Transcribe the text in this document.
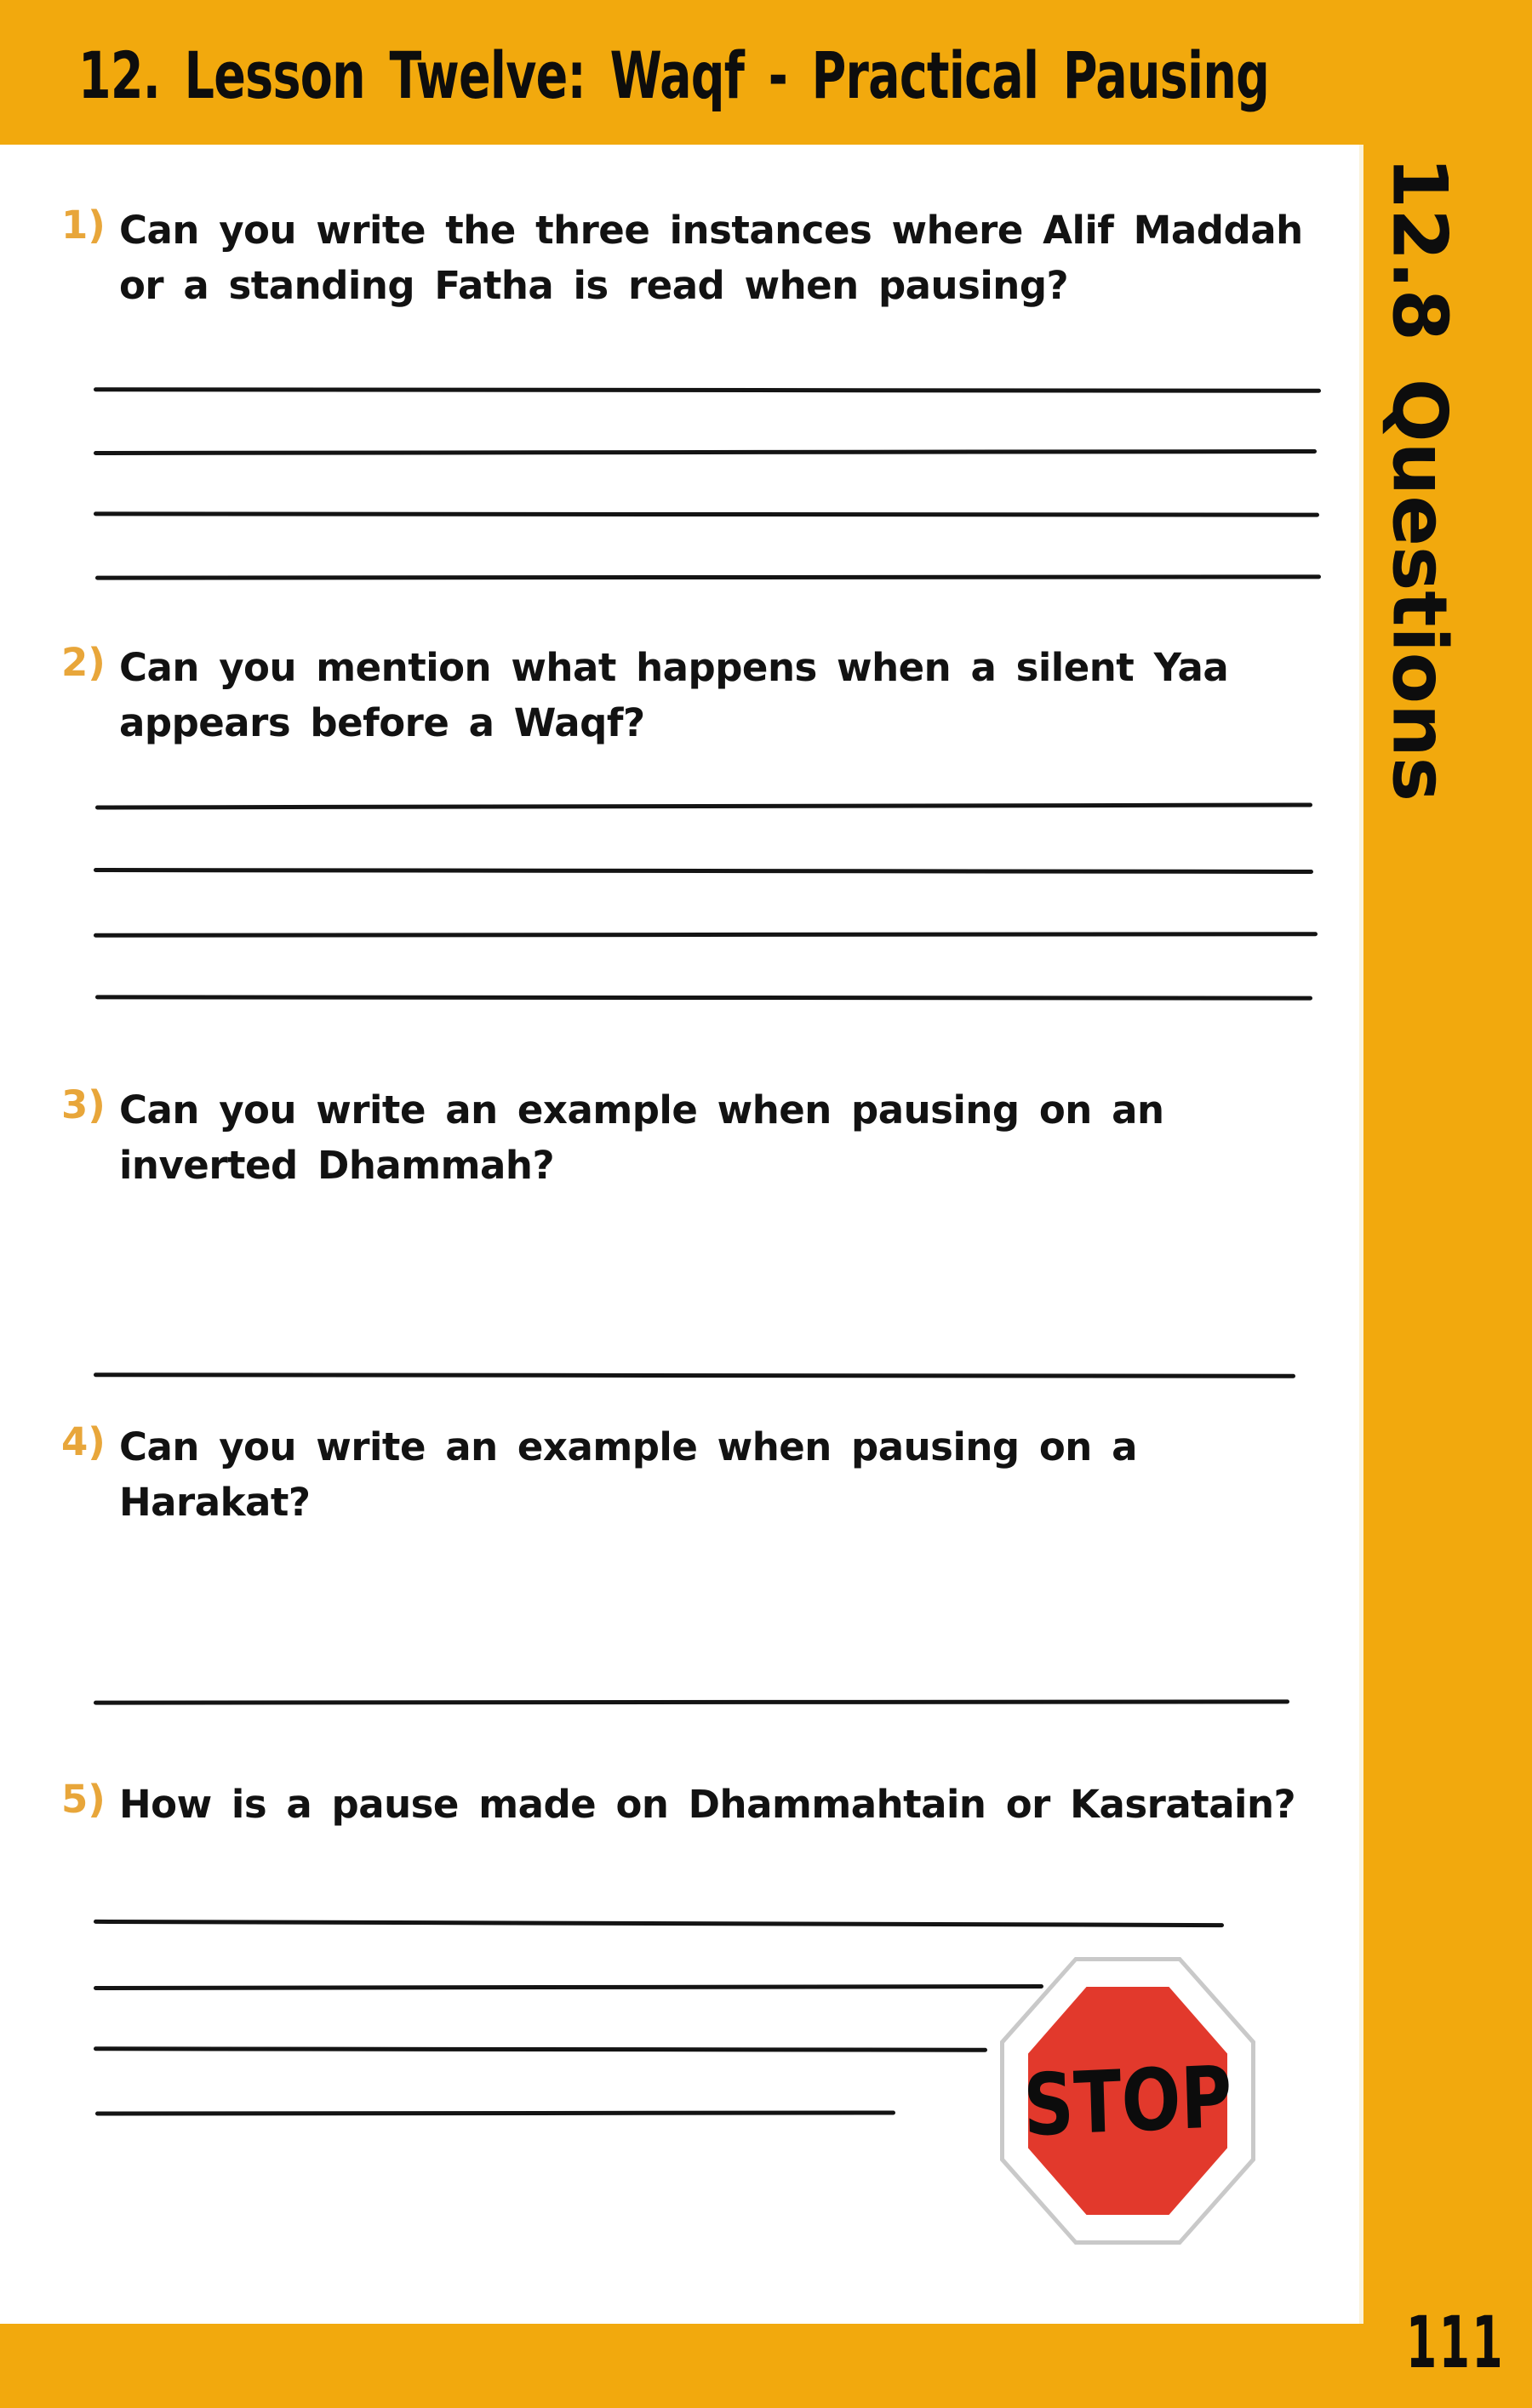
12. Lesson Twelve: Waqf - Practical Pausing
12.8 Questions
1) Can you write the three instances where Alif Maddah
or a standing Fatha is read when pausing?
2) Can you mention what happens when a silent Yaa
appears before a Waqf?
3) Can you write an example when pausing on an
inverted Dhammah?
4) Can you write an example when pausing on a
Harakat?
5) How is a pause made on Dhammahtain or Kasratain?
STOP
111
